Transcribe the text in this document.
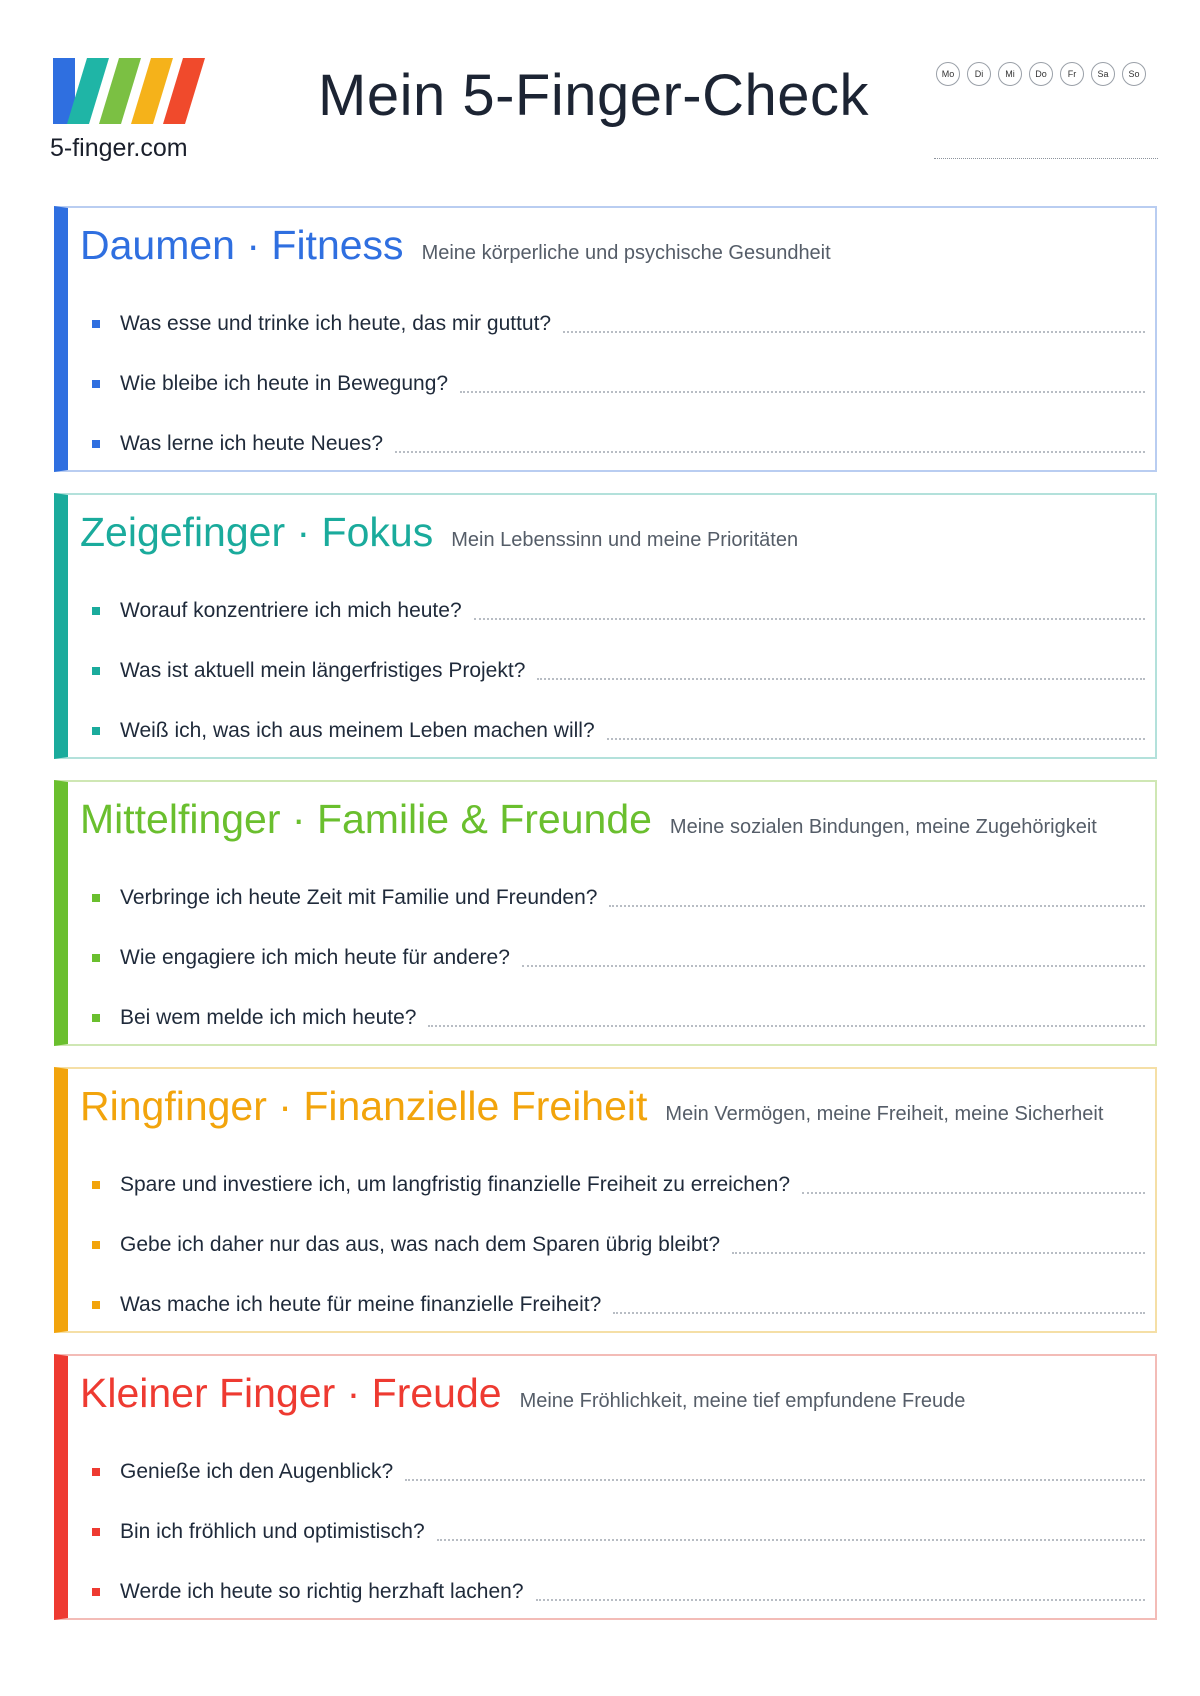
5-finger.com
Mein 5-Finger-Check	Mo	Di	Mi	Do	Fr	Sa	So
Daumen · Fitness Meine körperliche und psychische Gesundheit
Was esse und trinke ich heute, das mir guttut?
Wie bleibe ich heute in Bewegung?
Was lerne ich heute Neues?
Zeigefinger · Fokus Mein Lebenssinn und meine Prioritäten
Worauf konzentriere ich mich heute?
Was ist aktuell mein längerfristiges Projekt?
Weiß ich, was ich aus meinem Leben machen will?
Mittelfinger · Familie & Freunde Meine sozialen Bindungen, meine Zugehörigkeit
Verbringe ich heute Zeit mit Familie und Freunden?
Wie engagiere ich mich heute für andere?
Bei wem melde ich mich heute?
Ringfinger · Finanzielle Freiheit Mein Vermögen, meine Freiheit, meine Sicherheit
Spare und investiere ich, um langfristig finanzielle Freiheit zu erreichen?
Gebe ich daher nur das aus, was nach dem Sparen übrig bleibt?
Was mache ich heute für meine finanzielle Freiheit?
Kleiner Finger · Freude Meine Fröhlichkeit, meine tief empfundene Freude
Genieße ich den Augenblick?
Bin ich fröhlich und optimistisch?
Werde ich heute so richtig herzhaft lachen?
